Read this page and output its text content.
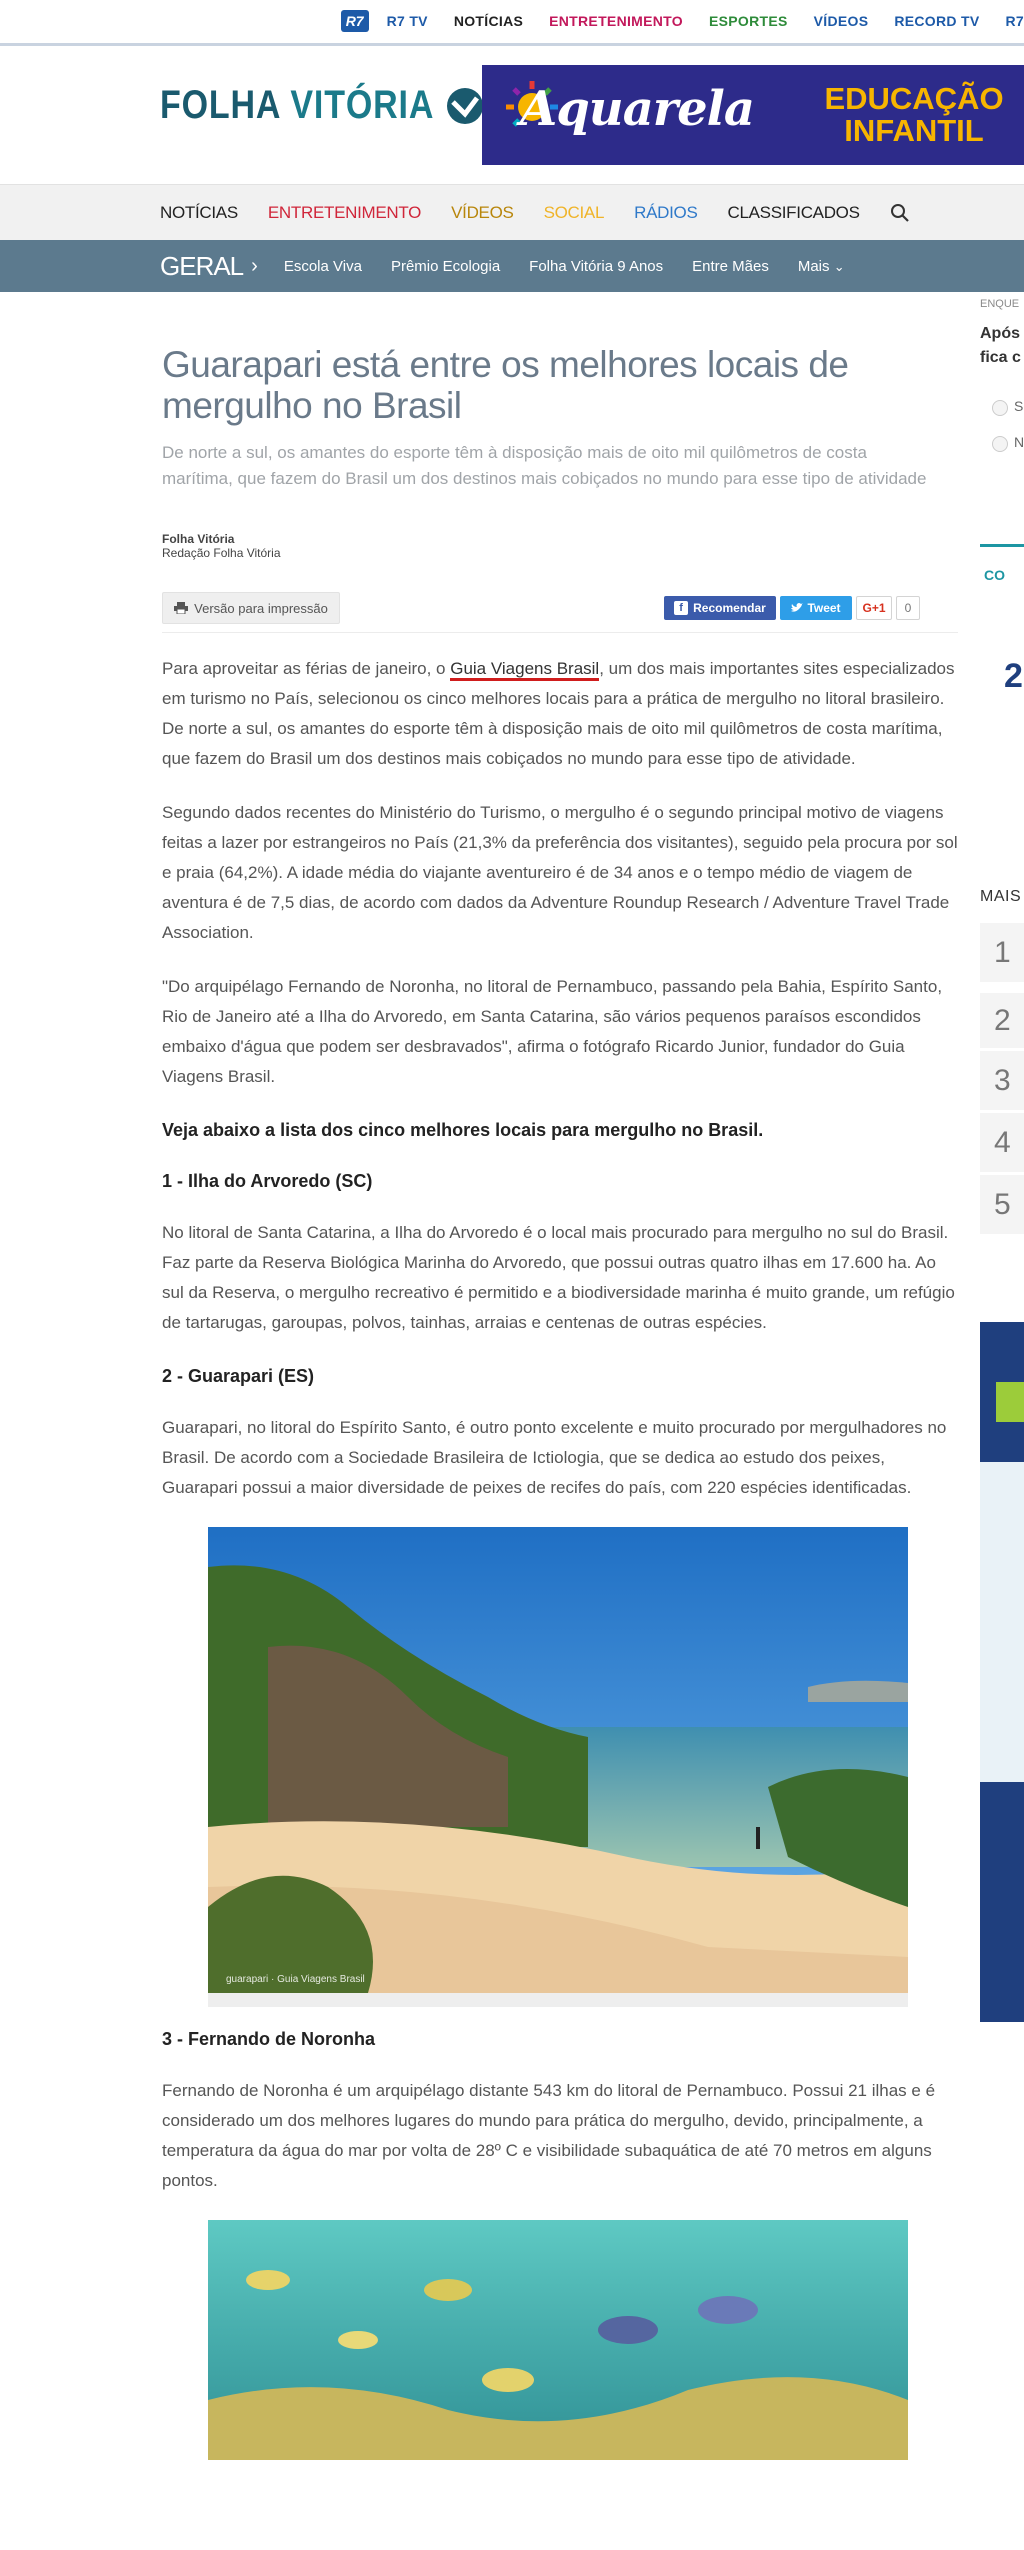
R7	R7 TV NOTÍCIAS ENTRETENIMENTO ESPORTES VÍDEOS RECORD TV R7
FOLHA VITÓRIA Aquarela	EDUCAÇÃO
INFANTIL
NOTÍCIAS ENTRETENIMENTO VÍDEOS SOCIAL RÁDIOS CLASSIFICADOS
GERAL › Escola Viva Prêmio Ecologia Folha Vitória 9 Anos Entre Mães Mais ⌄
Guarapari está entre os melhores locais de mergulho no Brasil
De norte a sul, os amantes do esporte têm à disposição mais de oito mil quilômetros de costa marítima, que fazem do Brasil um dos destinos mais cobiçados no mundo para esse tipo de atividade
Folha Vitória
Redação Folha Vitória
Versão para impressão	f Recomendar	Tweet	G+1	0

Para aproveitar as férias de janeiro, o Guia Viagens Brasil, um dos mais importantes sites especializados em turismo no País, selecionou os cinco melhores locais para a prática de mergulho no litoral brasileiro. De norte a sul, os amantes do esporte têm à disposição mais de oito mil quilômetros de costa marítima, que fazem do Brasil um dos destinos mais cobiçados no mundo para esse tipo de atividade.

Segundo dados recentes do Ministério do Turismo, o mergulho é o segundo principal motivo de viagens feitas a lazer por estrangeiros no País (21,3% da preferência dos visitantes), seguido pela procura por sol e praia (64,2%). A idade média do viajante aventureiro é de 34 anos e o tempo médio de viagem de aventura é de 7,5 dias, de acordo com dados da Adventure Roundup Research / Adventure Travel Trade Association.

"Do arquipélago Fernando de Noronha, no litoral de Pernambuco, passando pela Bahia, Espírito Santo, Rio de Janeiro até a Ilha do Arvoredo, em Santa Catarina, são vários pequenos paraísos escondidos embaixo d'água que podem ser desbravados", afirma o fotógrafo Ricardo Junior, fundador do Guia Viagens Brasil.

Veja abaixo a lista dos cinco melhores locais para mergulho no Brasil.

1 - Ilha do Arvoredo (SC)

No litoral de Santa Catarina, a Ilha do Arvoredo é o local mais procurado para mergulho no sul do Brasil. Faz parte da Reserva Biológica Marinha do Arvoredo, que possui outras quatro ilhas em 17.600 ha. Ao sul da Reserva, o mergulho recreativo é permitido e a biodiversidade marinha é muito grande, um refúgio de tartarugas, garoupas, polvos, tainhas, arraias e centenas de outras espécies.

2 - Guarapari (ES)

Guarapari, no litoral do Espírito Santo, é outro ponto excelente e muito procurado por mergulhadores no Brasil. De acordo com a Sociedade Brasileira de Ictiologia, que se dedica ao estudo dos peixes, Guarapari possui a maior diversidade de peixes de recifes do país, com 220 espécies identificadas.

guarapari · Guia Viagens Brasil

3 - Fernando de Noronha

Fernando de Noronha é um arquipélago distante 543 km do litoral de Pernambuco. Possui 21 ilhas e é considerado um dos melhores lugares do mundo para prática do mergulho, devido, principalmente, a temperatura da água do mar por volta de 28º C e visibilidade subaquática de até 70 metros em alguns pontos.

ENQUE
Após
fica c
S
N
CO
2
MAIS
1
2
3
4
5
